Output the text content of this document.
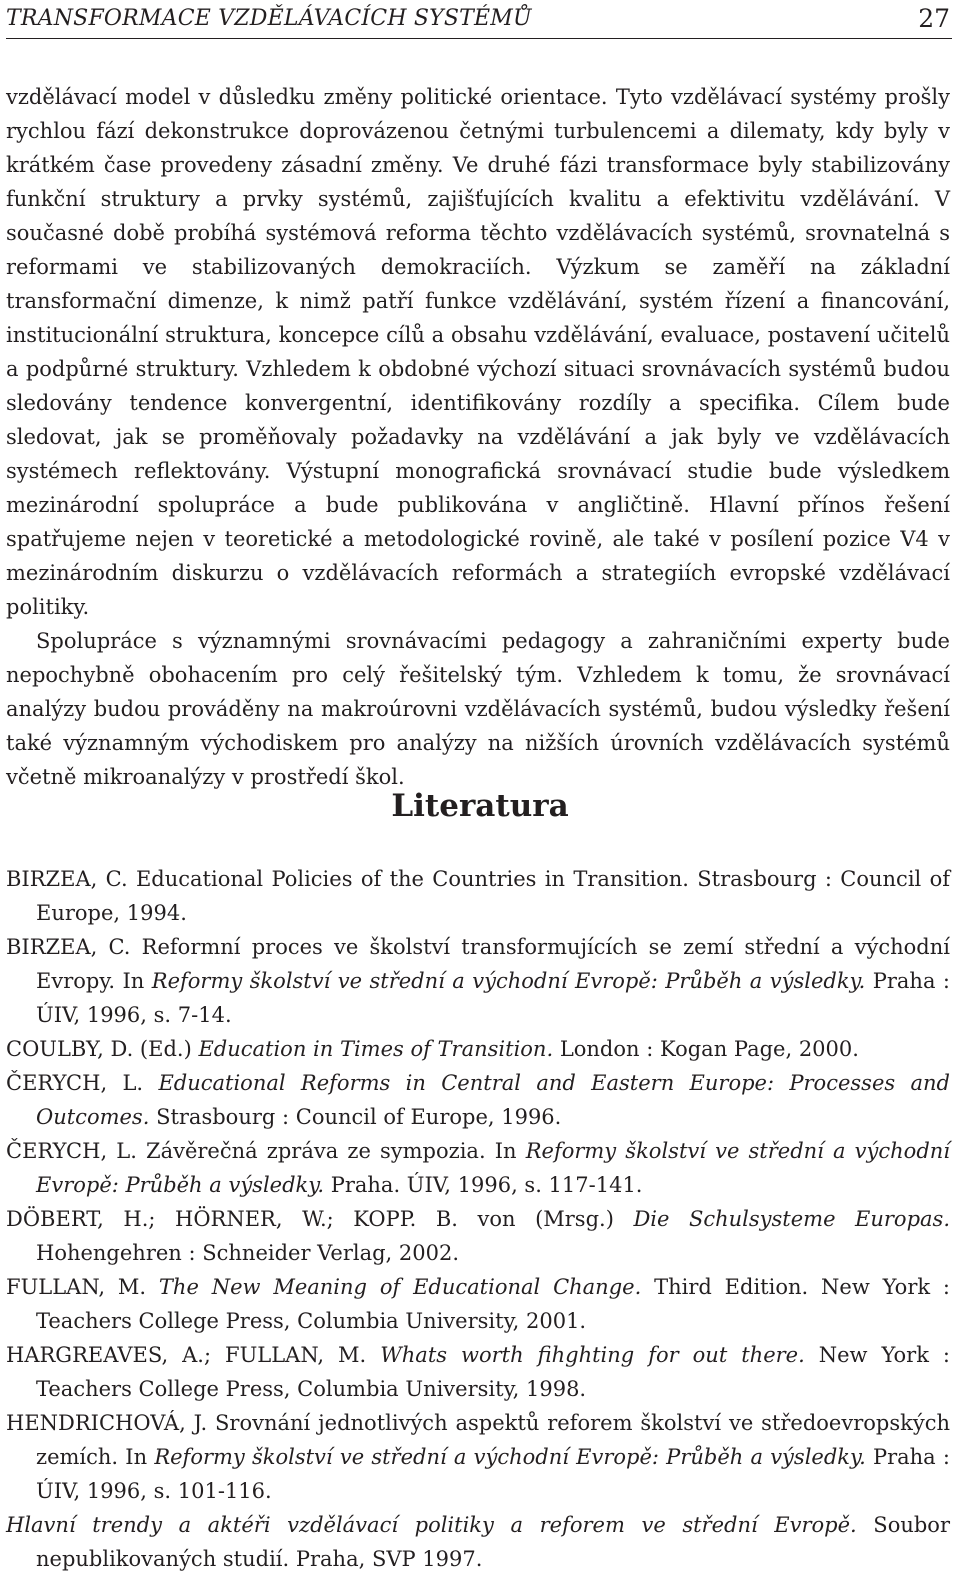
TRANSFORMACE VZDĚLÁVACÍCH SYSTÉMŮ	27

vzdělávací model v důsledku změny politické orientace. Tyto vzdělávací systémy prošly rychlou fází dekonstrukce doprovázenou četnými turbulencemi a dilematy, kdy byly v krátkém čase provedeny zásadní změny. Ve druhé fázi transformace byly stabilizovány funkční struktury a prvky systémů, zajišťujících kvalitu a efektivitu vzdělávání. V současné době probíhá systémová reforma těchto vzdělávacích systémů, srovnatelná s reformami ve stabilizovaných demokraciích. Výzkum se zaměří na základní transformační dimenze, k nimž patří funkce vzdělávání, systém řízení a financování, institucionální struktura, koncepce cílů a obsahu vzdělávání, evaluace, postavení učitelů a podpůrné struktury. Vzhledem k obdobné výchozí situaci srovnávacích systémů budou sledovány tendence konvergentní, identifikovány rozdíly a specifika. Cílem bude sledovat, jak se proměňovaly požadavky na vzdělávání a jak byly ve vzdělávacích systémech reflektovány. Výstupní monografická srovnávací studie bude výsledkem mezinárodní spolupráce a bude publikována v angličtině. Hlavní přínos řešení spatřujeme nejen v teoretické a metodologické rovině, ale také v posílení pozice V4 v mezinárodním diskurzu o vzdělávacích reformách a strategiích evropské vzdělávací politiky.

Spolupráce s významnými srovnávacími pedagogy a zahraničními experty bude nepochybně obohacením pro celý řešitelský tým. Vzhledem k tomu, že srovnávací analýzy budou prováděny na makroúrovni vzdělávacích systémů, budou výsledky řešení také významným východiskem pro analýzy na nižších úrovních vzdělávacích systémů včetně mikroanalýzy v prostředí škol.

Literatura

BIRZEA, C. Educational Policies of the Countries in Transition. Strasbourg : Council of Europe, 1994.

BIRZEA, C. Reformní proces ve školství transformujících se zemí střední a východní Evropy. In Reformy školství ve střední a východní Evropě: Průběh a výsledky. Praha : ÚIV, 1996, s. 7-14.

COULBY, D. (Ed.) Education in Times of Transition. London : Kogan Page, 2000.

ČERYCH, L. Educational Reforms in Central and Eastern Europe: Processes and Outcomes. Strasbourg : Council of Europe, 1996.

ČERYCH, L. Závěrečná zpráva ze sympozia. In Reformy školství ve střední a východní Evropě: Průběh a výsledky. Praha. ÚIV, 1996, s. 117-141.

DÖBERT, H.; HÖRNER, W.; KOPP. B. von (Mrsg.) Die Schulsysteme Europas. Hohengehren : Schneider Verlag, 2002.

FULLAN, M. The New Meaning of Educational Change. Third Edition. New York : Teachers College Press, Columbia University, 2001.

HARGREAVES, A.; FULLAN, M. Whats worth fihghting for out there. New York : Teachers College Press, Columbia University, 1998.

HENDRICHOVÁ, J. Srovnání jednotlivých aspektů reforem školství ve středoevropských zemích. In Reformy školství ve střední a východní Evropě: Průběh a výsledky. Praha : ÚIV, 1996, s. 101-116.

Hlavní trendy a aktéři vzdělávací politiky a reforem ve střední Evropě. Soubor nepublikovaných studií. Praha, SVP 1997.
